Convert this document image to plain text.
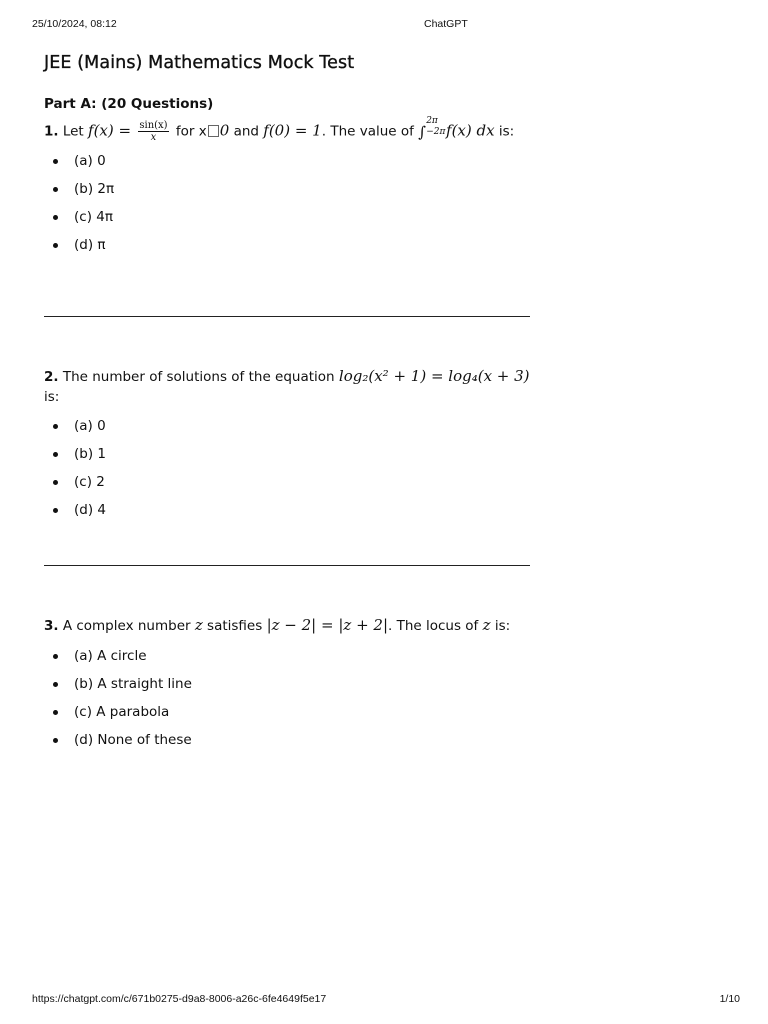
25/10/2024, 08:12	ChatGPT
JEE (Mains) Mathematics Mock Test
Part A: (20 Questions)

1. Let $f(x) = \frac{\sin(x)}{x}$ for x 0 and f(0) = 1. The value of ∫
2π
−2π f(x) dx is:

(a) 0
(b) 2π
(c) 4π
(d) π

2. The number of solutions of the equation log₂(x² + 1) = log₄(x + 3) is:

(a) 0
(b) 1
(c) 2
(d) 4

3. A complex number z satisfies |z − 2| = |z + 2|. The locus of z is:

(a) A circle
(b) A straight line
(c) A parabola
(d) None of these
https://chatgpt.com/c/671b0275-d9a8-8006-a26c-6fe4649f5e17	1/10
